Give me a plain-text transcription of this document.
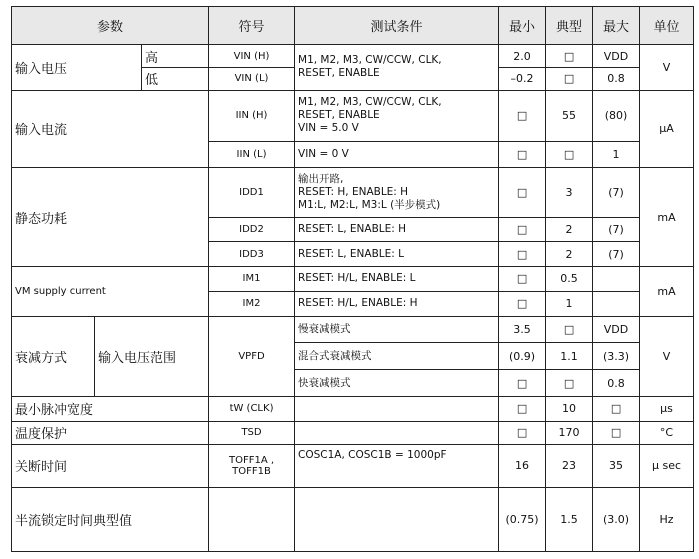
参数			符号	测试条件	最小	典型	最大	单位
输入电压		高	VIN (H)	M1, M2, M3, CW/CCW, CLK,
RESET, ENABLE	2.0	□	VDD	V
		低	VIN (L)		–0.2	□	0.8	
输入电流			IIN (H)	M1, M2, M3, CW/CCW, CLK,
RESET, ENABLE
VIN = 5.0 V	□	55	(80)	μA
			IIN (L)	VIN = 0 V	□	□	1	
静态功耗			IDD1	输出开路,
RESET: H, ENABLE: H
M1:L, M2:L, M3:L (半步模式)	□	3	(7)	mA
			IDD2	RESET: L, ENABLE: H	□	2	(7)	
			IDD3	RESET: L, ENABLE: L	□	2	(7)	
VM supply current			IM1	RESET: H/L, ENABLE: L	□	0.5		mA
			IM2	RESET: H/L, ENABLE: H	□	1		
衰减方式	输入电压范围		VPFD	慢衰减模式	3.5	□	VDD	V
				混合式衰减模式	(0.9)	1.1	(3.3)	
				快衰减模式	□	□	0.8	
最小脉冲宽度			tW (CLK)		□	10	□	μs
温度保护			TSD		□	170	□	°C
关断时间			TOFF1A ,
TOFF1B	COSC1A, COSC1B = 1000pF	16	23	35	μ sec
半流锁定时间典型值					(0.75)	1.5	(3.0)	Hz
